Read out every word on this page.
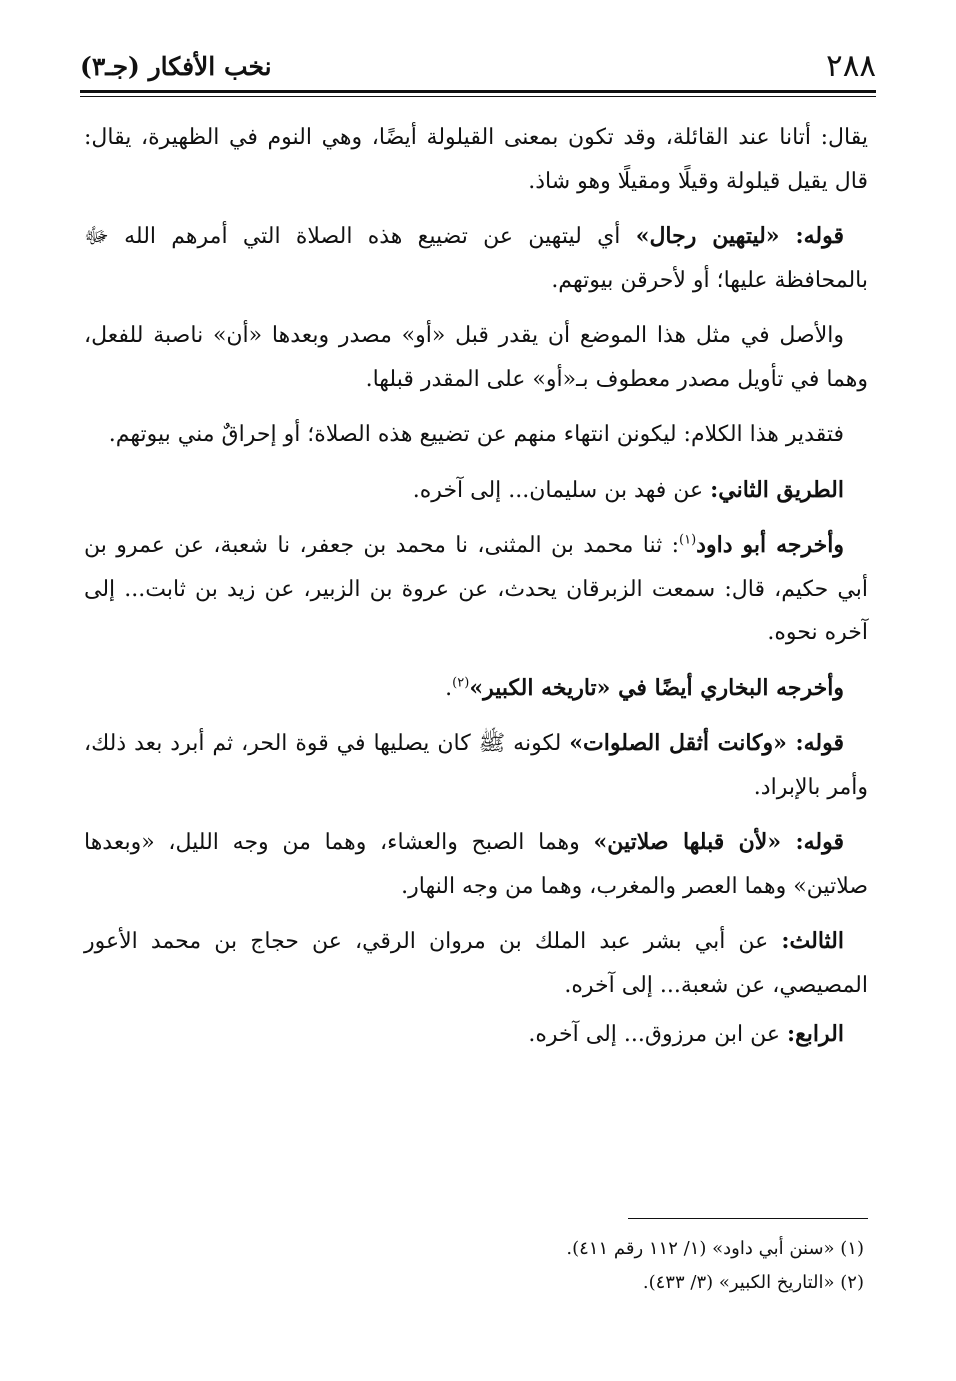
٢٨٨
نخب الأفكار (جـ٣)

يقال: أتانا عند القائلة، وقد تكون بمعنى القيلولة أيضًا، وهي النوم في الظهيرة، يقال: قال يقيل قيلولة وقيلًا ومقيلًا وهو شاذ.

قوله: «ليتهين رجال» أي ليتهين عن تضييع هذه الصلاة التي أمرهم الله ﷻ بالمحافظة عليها؛ أو لأحرقن بيوتهم.

والأصل في مثل هذا الموضع أن يقدر قبل «أو» مصدر وبعدها «أن» ناصبة للفعل، وهما في تأويل مصدر معطوف بـ«أو» على المقدر قبلها.

فتقدير هذا الكلام: ليكونن انتهاء منهم عن تضييع هذه الصلاة؛ أو إحراقٌ مني بيوتهم.

الطريق الثاني: عن فهد بن سليمان... إلى آخره.

وأخرجه أبو داود$^{(١)}$: ثنا محمد بن المثنى، نا محمد بن جعفر، نا شعبة، عن عمرو بن أبي حكيم، قال: سمعت الزبرقان يحدث، عن عروة بن الزبير، عن زيد بن ثابت... إلى آخره نحوه.

وأخرجه البخاري أيضًا في «تاريخه الكبير»$^{(٢)}$.

قوله: «وكانت أثقل الصلوات» لكونه ﷺ كان يصليها في قوة الحر، ثم أبرد بعد ذلك، وأمر بالإبراد.

قوله: «لأن قبلها صلاتين» وهما الصبح والعشاء، وهما من وجه الليل، «وبعدها صلاتين» وهما العصر والمغرب، وهما من وجه النهار.

الثالث: عن أبي بشر عبد الملك بن مروان الرقي، عن حجاج بن محمد الأعور المصيصي، عن شعبة... إلى آخره.

الرابع: عن ابن مرزوق... إلى آخره.

(١) «سنن أبي داود» (١/ ١١٢ رقم ٤١١).
(٢) «التاريخ الكبير» (٣/ ٤٣٣).
